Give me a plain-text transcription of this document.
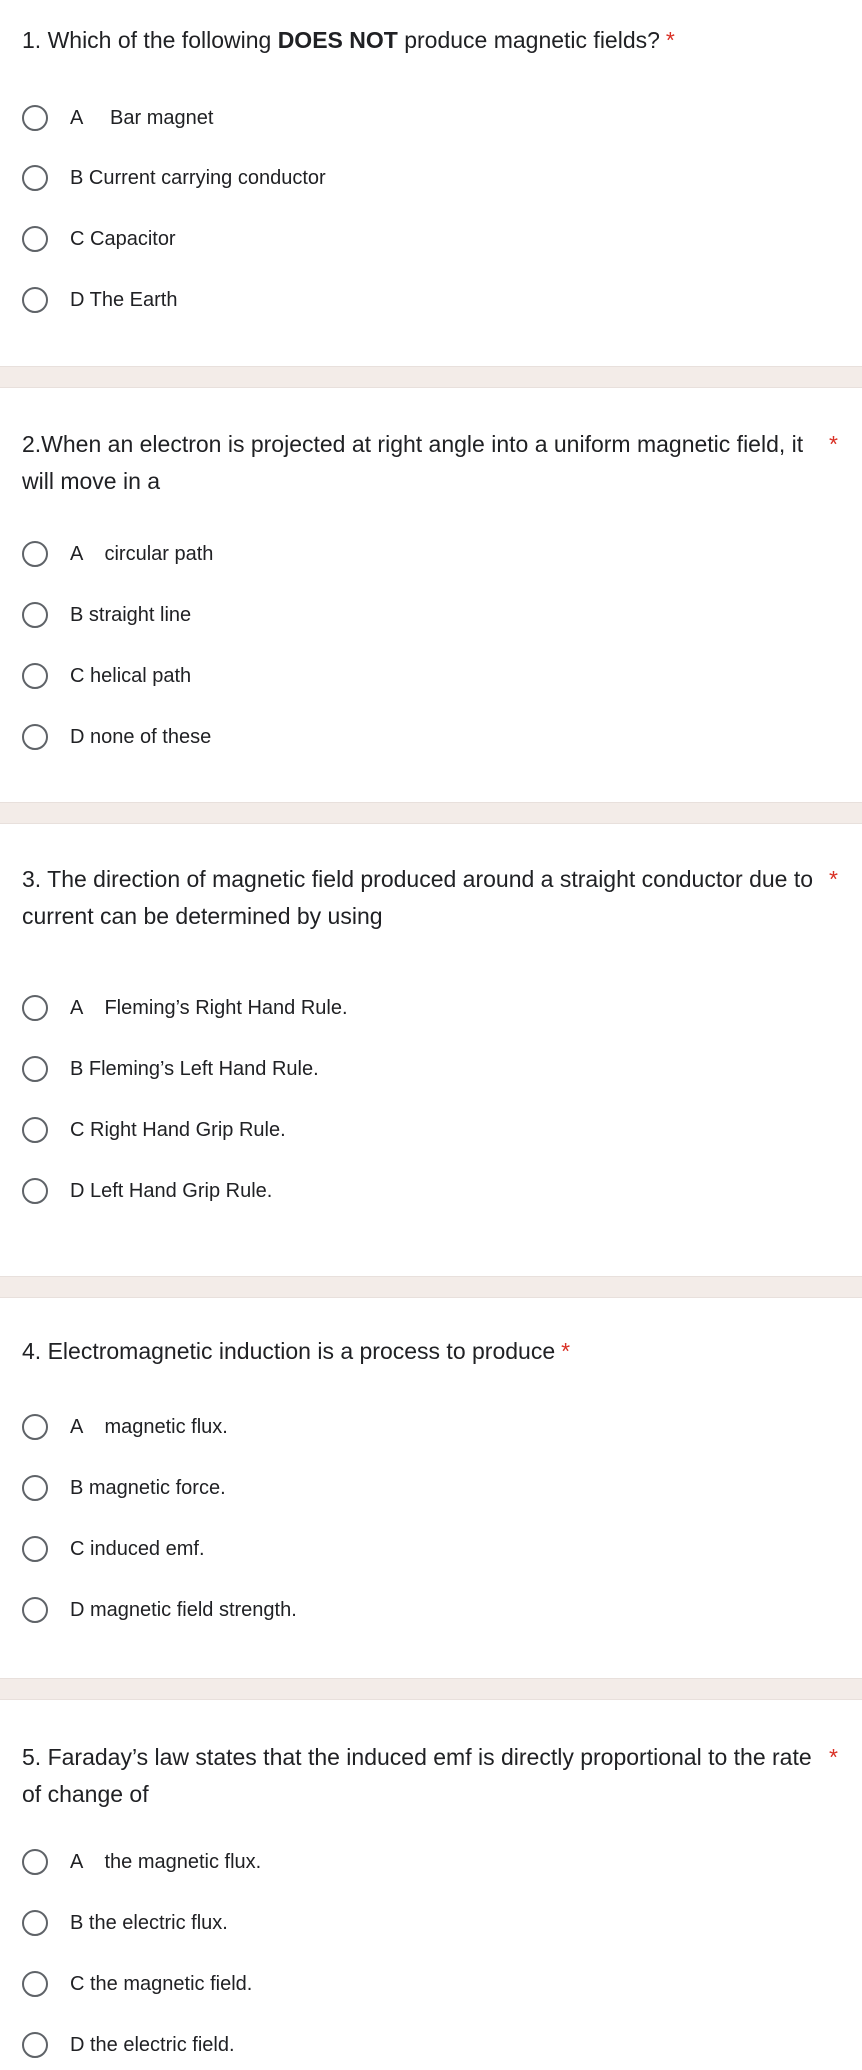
1. Which of the following DOES NOT produce magnetic fields? *
A     Bar magnet
B Current carrying conductor
C Capacitor
D The Earth
2.When an electron is projected at right angle into a uniform magnetic field, it will move in a
*
A    circular path
B straight line
C helical path
D none of these
3. The direction of magnetic field produced around a straight conductor due to current can be determined by using
*
A    Fleming’s Right Hand Rule.
B Fleming’s Left Hand Rule.
C Right Hand Grip Rule.
D Left Hand Grip Rule.
4. Electromagnetic induction is a process to produce *
A    magnetic flux.
B magnetic force.
C induced emf.
D magnetic field strength.
5. Faraday’s law states that the induced emf is directly proportional to the rate of change of
*
A    the magnetic flux.
B the electric flux.
C the magnetic field.
D the electric field.
